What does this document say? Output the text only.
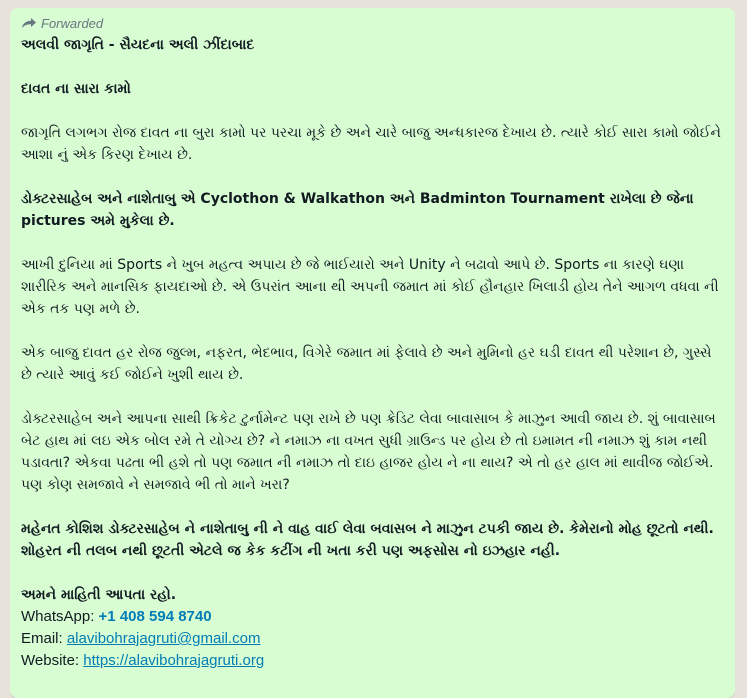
Forwarded

અલવી જાગૃતિ - સૈયદના અલી ઝીંદાબાદ

દાવત ના સારા કામો

જાગૃતિ લગભગ રોજ દાવત ના બુરા કામો પર પરચા મૂકે છે અને ચારે બાજુ અન્ધકારજ દેખાય છે. ત્યારે કોઈ સારા કામો જોઈને આશા નું એક કિરણ દેખાય છે.

ડોક્ટરસાહેબ અને નાશેતાબુ એ Cyclothon & Walkathon અને Badminton Tournament રાખેલા છે જેના pictures અમે મુકેલા છે.

આખી દુનિયા માં Sports ને ખુબ મહત્વ અપાય છે જે ભાઈયારો અને Unity ને બઢાવો આપે છે. Sports ના કારણે ઘણા શારીરિક અને માનસિક ફાયદાઓ છે. એ ઉપરાંત આના થી અપની જમાત માં કોઈ હૌનહાર ખિલાડી હોય તેને આગળ વધવા ની એક તક પણ મળે છે.

એક બાજુ દાવત હર રોજ જુલ્મ, નફરત, ભેદભાવ, વિગેરે જમાત માં ફેલાવે છે અને મુમિનો હર ઘડી દાવત થી પરેશાન છે, ગુસ્સે છે ત્યારે આવું કઈ જોઈને ખુશી થાય છે.

ડોક્ટરસાહેબ અને આપના સાથી ક્રિકેટ ટુર્નામેન્ટ પણ રાખે છે પણ ક્રેડિટ લેવા બાવાસાબ કે માઝુન આવી જાય છે. શું બાવાસાબ બેટ હાથ માં લઇ એક બોલ રમે તે યોગ્ય છે? ને નમાઝ ના વખત સુધી ગ્રાઉન્ડ પર હોય છે તો ઇમામત ની નમાઝ શું કામ નથી પડાવતા? એકવા પઢતા ભી હશે તો પણ જમાત ની નમાઝ તો દાઇ હાજર હોય ને ના થાય? એ તો હર હાલ માં થાવીજ જોઈએ. પણ કોણ સમજાવે ને સમજાવે ભી તો માને ખરા?

મહેનત કોશિશ ડોક્ટરસાહેબ ને નાશેતાબુ ની ને વાહ વાઈ લેવા બવાસબ ને માઝુન ટપકી જાય છે. કેમેરાનો મોહ છૂટતો નથી. શોહરત ની તલબ નથી છૂટતી એટલે જ કેક કટીંગ ની ખતા કરી પણ અફસોસ નો ઇઝહાર નહી.

અમને માહિતી આપતા રહો.

WhatsApp: +1 408 594 8740
Email: alavibohrajagruti@gmail.com
Website: https://alavibohrajagruti.org
